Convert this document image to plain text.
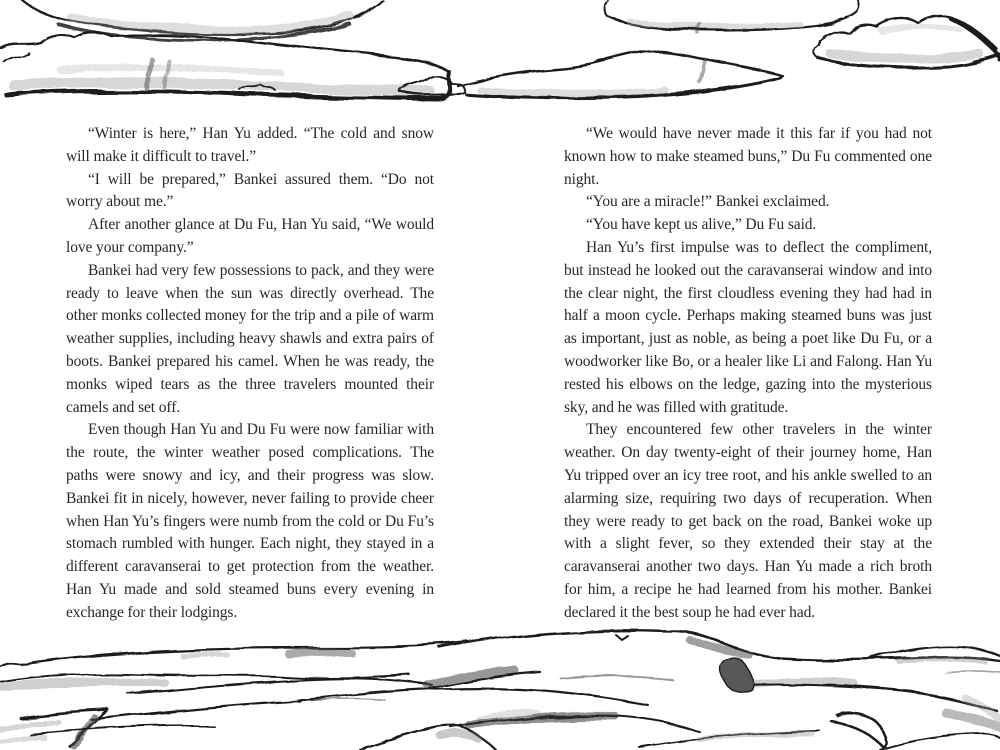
“Winter is here,” Han Yu added. “The cold and snow will make it difficult to travel.”

“I will be prepared,” Bankei assured them. “Do not worry about me.”

After another glance at Du Fu, Han Yu said, “We would love your company.”

Bankei had very few possessions to pack, and they were ready to leave when the sun was directly overhead. The other monks collected money for the trip and a pile of warm weather supplies, including heavy shawls and extra pairs of boots. Bankei prepared his camel. When he was ready, the monks wiped tears as the three travelers mounted their camels and set off.

Even though Han Yu and Du Fu were now familiar with the route, the winter weather posed complications. The paths were snowy and icy, and their progress was slow. Bankei fit in nicely, however, never failing to provide cheer when Han Yu’s fingers were numb from the cold or Du Fu’s stomach rumbled with hunger. Each night, they stayed in a different caravanserai to get protection from the weather. Han Yu made and sold steamed buns every evening in exchange for their lodgings.

“We would have never made it this far if you had not known how to make steamed buns,” Du Fu commented one night.

“You are a miracle!” Bankei exclaimed.

“You have kept us alive,” Du Fu said.

Han Yu’s first impulse was to deflect the compliment, but instead he looked out the caravanserai window and into the clear night, the first cloudless evening they had had in half a moon cycle. Perhaps making steamed buns was just as important, just as noble, as being a poet like Du Fu, or a woodworker like Bo, or a healer like Li and Falong. Han Yu rested his elbows on the ledge, gazing into the mysterious sky, and he was filled with gratitude.

They encountered few other travelers in the winter weather. On day twenty-eight of their journey home, Han Yu tripped over an icy tree root, and his ankle swelled to an alarming size, requiring two days of recuperation. When they were ready to get back on the road, Bankei woke up with a slight fever, so they extended their stay at the caravanserai another two days. Han Yu made a rich broth for him, a recipe he had learned from his mother. Bankei declared it the best soup he had ever had.
